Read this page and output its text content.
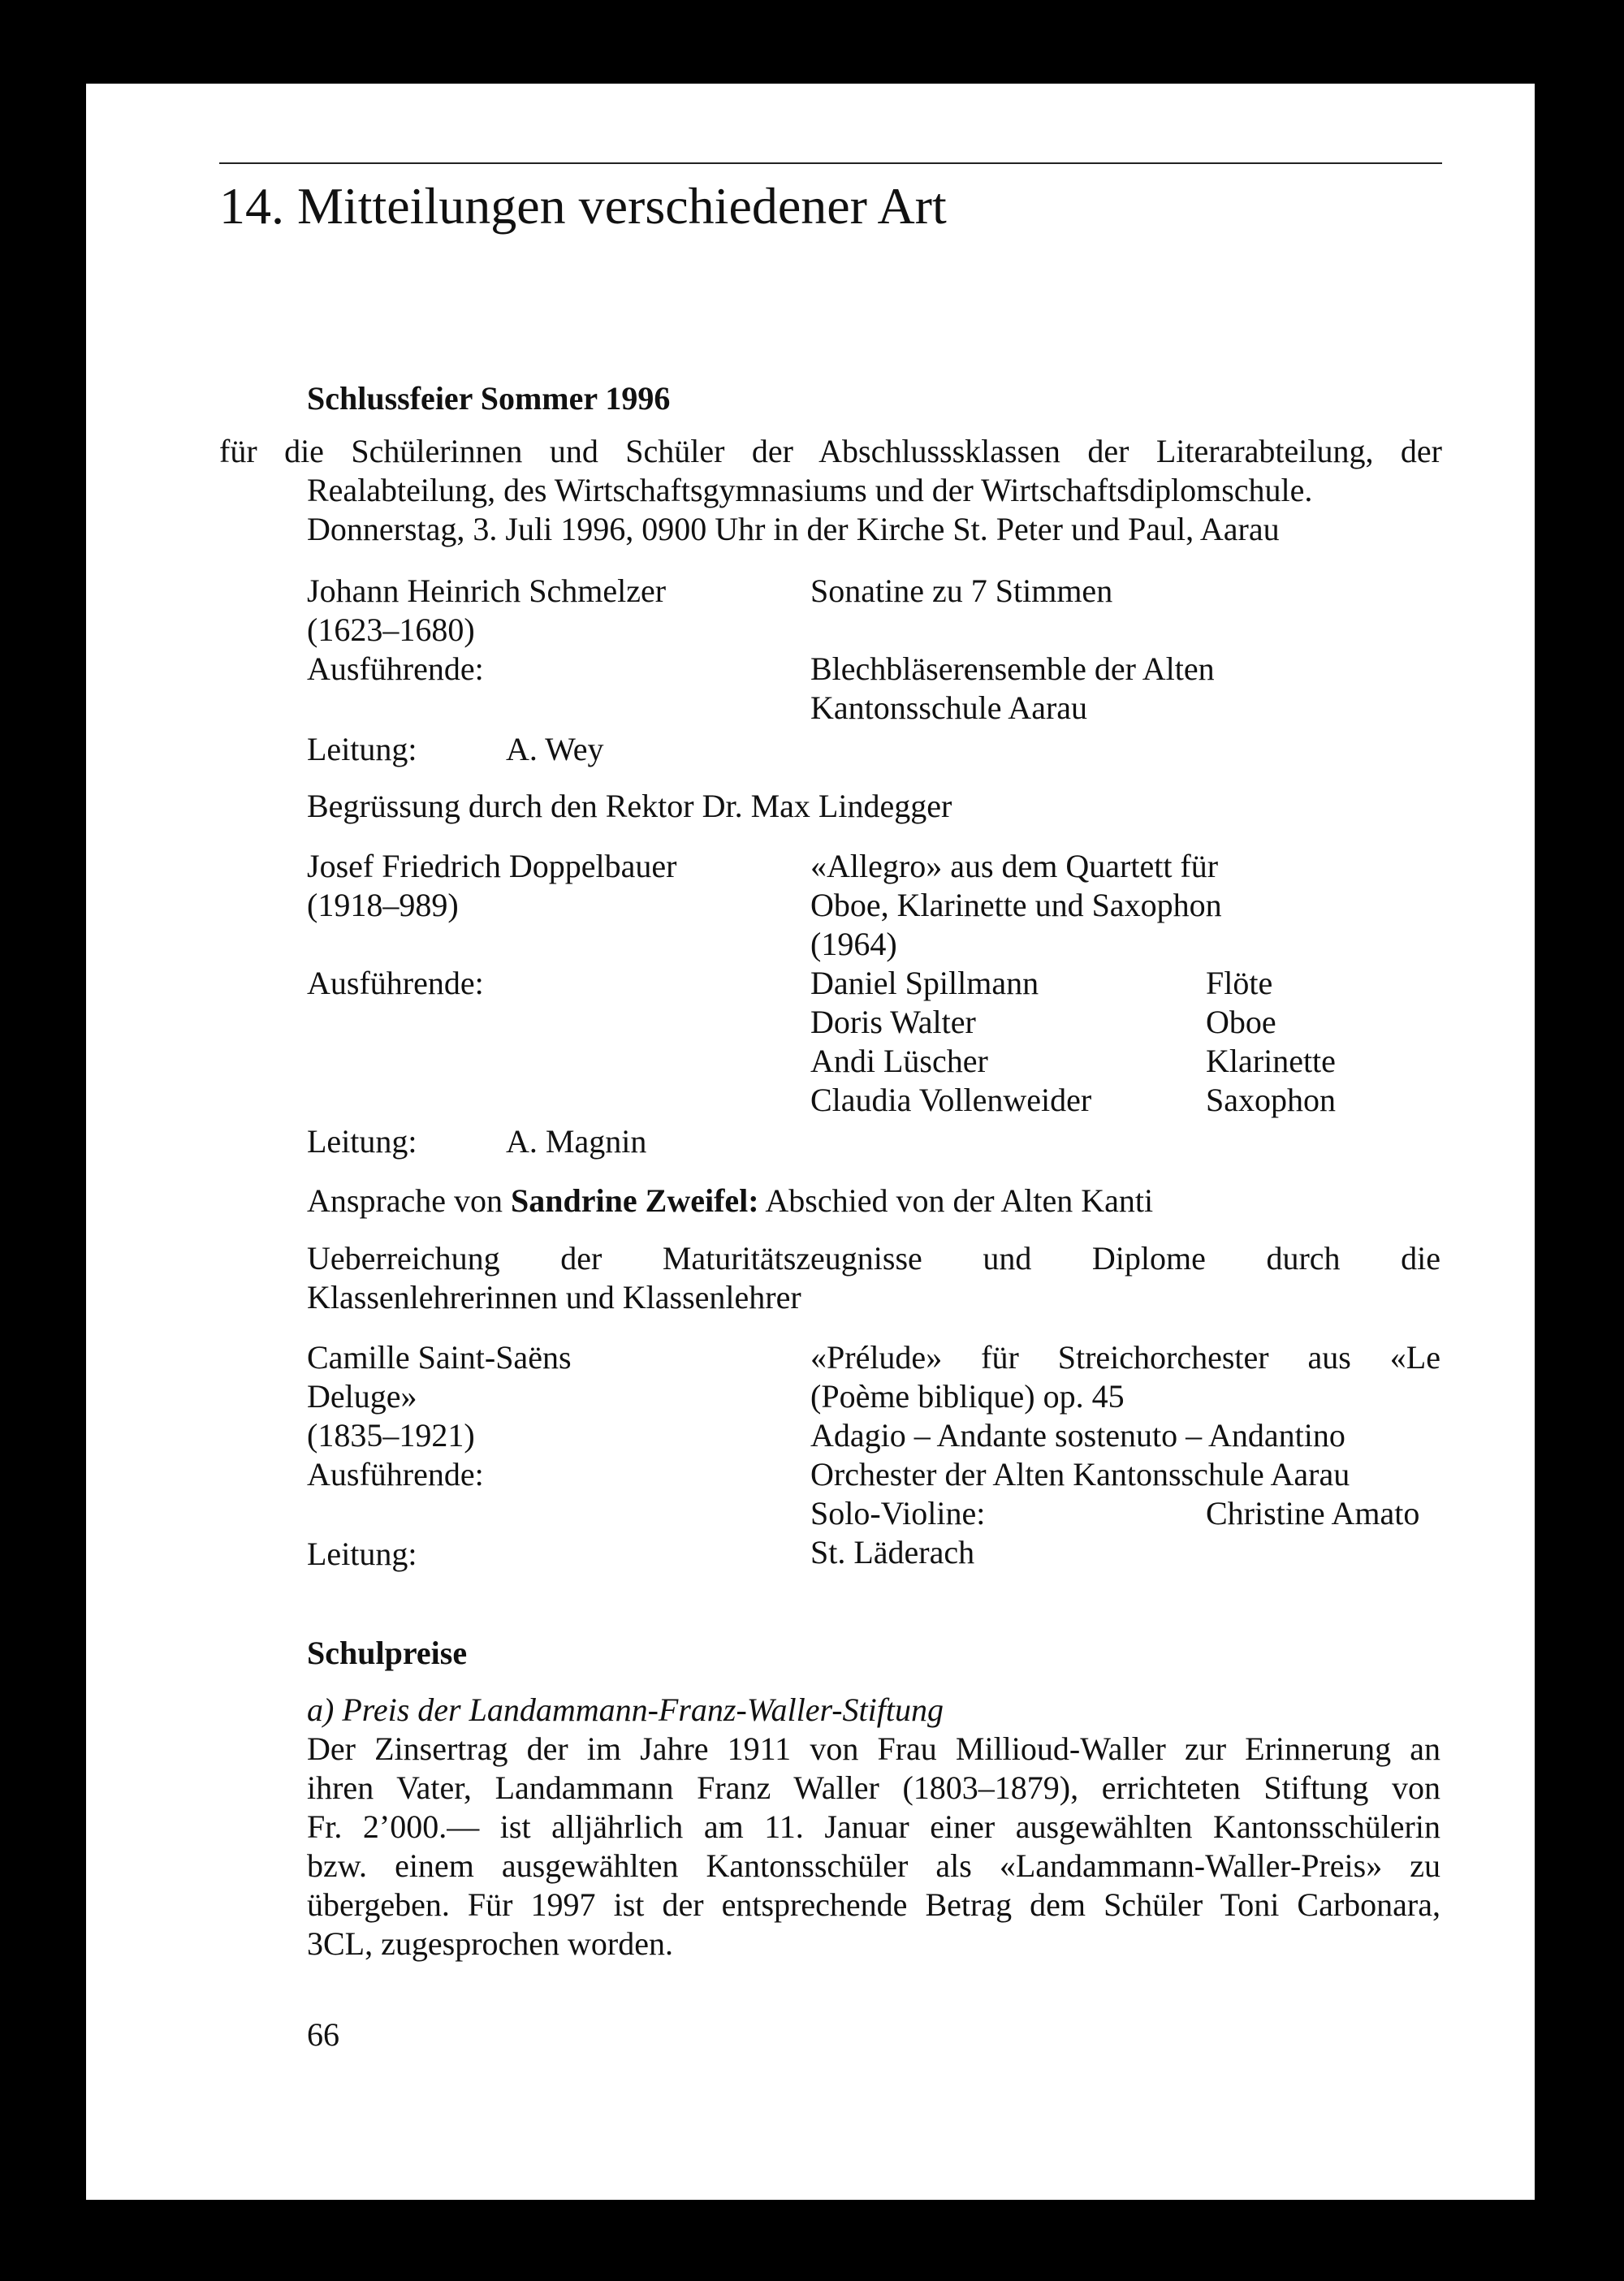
14. Mitteilungen verschiedener Art
Schlussfeier Sommer 1996
für die Schülerinnen und Schüler der Abschlusssklassen der Literarabteilung, der
Realabteilung, des Wirtschaftsgymnasiums und der Wirtschaftsdiplomschule.
Donnerstag, 3. Juli 1996, 0900 Uhr in der Kirche St. Peter und Paul, Aarau
Johann Heinrich Schmelzer	Sonatine zu 7 Stimmen
(1623–1680)
Ausführende:	Blechbläserensemble der Alten
Kantonsschule Aarau
Leitung:	A. Wey
Begrüssung durch den Rektor Dr. Max Lindegger
Josef Friedrich Doppelbauer	«Allegro» aus dem Quartett für
(1918–989)	Oboe, Klarinette und Saxophon
(1964)
Ausführende:	Daniel Spillmann	Flöte
Doris Walter	Oboe
Andi Lüscher	Klarinette
Claudia Vollenweider	Saxophon
Leitung:	A. Magnin
Ansprache von Sandrine Zweifel: Abschied von der Alten Kanti
Ueberreichung der Maturitätszeugnisse und Diplome durch die
Klassenlehrerinnen und Klassenlehrer
Camille Saint-Saëns	«Prélude» für Streichorchester aus «Le
Deluge»	(Poème biblique) op. 45
(1835–1921)	Adagio – Andante sostenuto – Andantino
Ausführende:	Orchester der Alten Kantonsschule Aarau
Solo-Violine:	Christine Amato
Leitung:	St. Läderach
Schulpreise
a) Preis der Landammann-Franz-Waller-Stiftung
Der Zinsertrag der im Jahre 1911 von Frau Millioud-Waller zur Erinnerung an
ihren Vater, Landammann Franz Waller (1803–1879), errichteten Stiftung von
Fr. 2’000.— ist alljährlich am 11. Januar einer ausgewählten Kantonsschülerin
bzw. einem ausgewählten Kantonsschüler als «Landammann-Waller-Preis» zu
übergeben. Für 1997 ist der entsprechende Betrag dem Schüler Toni Carbonara,
3CL, zugesprochen worden.
66
